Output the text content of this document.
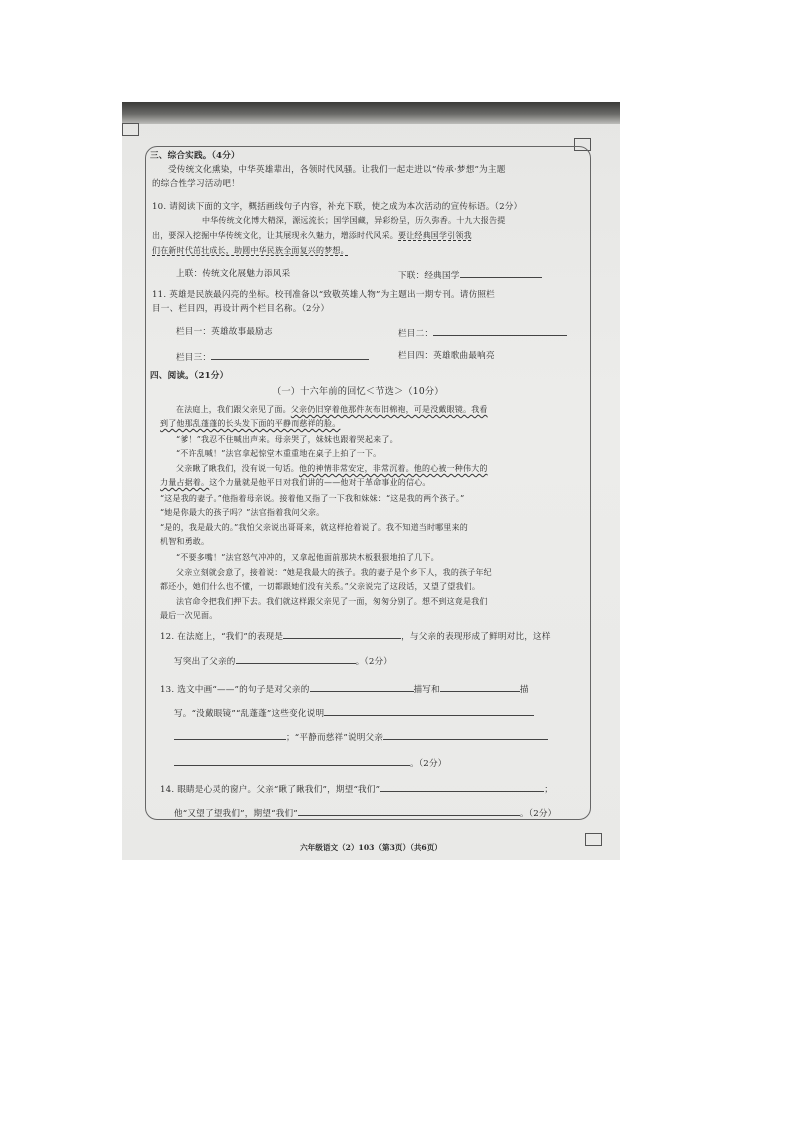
三、综合实践。（4分）
受传统文化熏染，中华英雄辈出，各领时代风骚。让我们一起走进以“传承·梦想”为主题
的综合性学习活动吧！
10. 请阅读下面的文字，概括画线句子内容，补充下联，使之成为本次活动的宣传标语。（2分）
中华传统文化博大精深，源远流长；国学国藏，异彩纷呈，历久弥香。十九大报告提
出，要深入挖掘中华传统文化，让其展现永久魅力，增添时代风采。要让经典国学引领我
们在新时代茁壮成长，助圆中华民族全面复兴的梦想。
上联：传统文化展魅力添风采	下联：经典国学
11. 英雄是民族最闪亮的坐标。校刊准备以“致敬英雄人物”为主题出一期专刊。请仿照栏
目一、栏目四，再设计两个栏目名称。（2分）
栏目一：英雄故事最励志	栏目二：
栏目三：	栏目四：英雄歌曲最响亮
四、阅读。（21分）
（一）十六年前的回忆＜节选＞（10分）
在法庭上，我们跟父亲见了面。父亲仍旧穿着他那件灰布旧棉袍，可是没戴眼镜。我看
到了他那乱蓬蓬的长头发下面的平静而慈祥的脸。
“爹！”我忍不住喊出声来。母亲哭了，妹妹也跟着哭起来了。
“不许乱喊！”法官拿起惊堂木重重地在桌子上拍了一下。
父亲瞅了瞅我们，没有说一句话。他的神情非常安定，非常沉着。他的心被一种伟大的
力量占据着。这个力量就是他平日对我们讲的——他对于革命事业的信心。
“这是我的妻子。”他指着母亲说。接着他又指了一下我和妹妹：“这是我的两个孩子。”
“她是你最大的孩子吗？”法官指着我问父亲。
“是的，我是最大的。”我怕父亲说出哥哥来，就这样抢着说了。我不知道当时哪里来的
机智和勇敢。
“不要多嘴！”法官怒气冲冲的，又拿起他面前那块木板狠狠地拍了几下。
父亲立刻就会意了，接着说：“她是我最大的孩子。我的妻子是个乡下人，我的孩子年纪
都还小，她们什么也不懂，一切都跟她们没有关系。”父亲说完了这段话，又望了望我们。
法官命令把我们押下去。我们就这样跟父亲见了一面，匆匆分别了。想不到这竟是我们
最后一次见面。
12. 在法庭上，“我们”的表现是	，与父亲的表现形成了鲜明对比，这样
写突出了父亲的	。（2分）
13. 选文中画“——”的句子是对父亲的	描写和	描
写。“没戴眼镜”“乱蓬蓬”这些变化说明
；“平静而慈祥”说明父亲
。（2分）
14. 眼睛是心灵的窗户。父亲“瞅了瞅我们”，期望“我们”	；
他“又望了望我们”，期望“我们”	。（2分）
六年级语文（2）103（第3页）（共6页）
